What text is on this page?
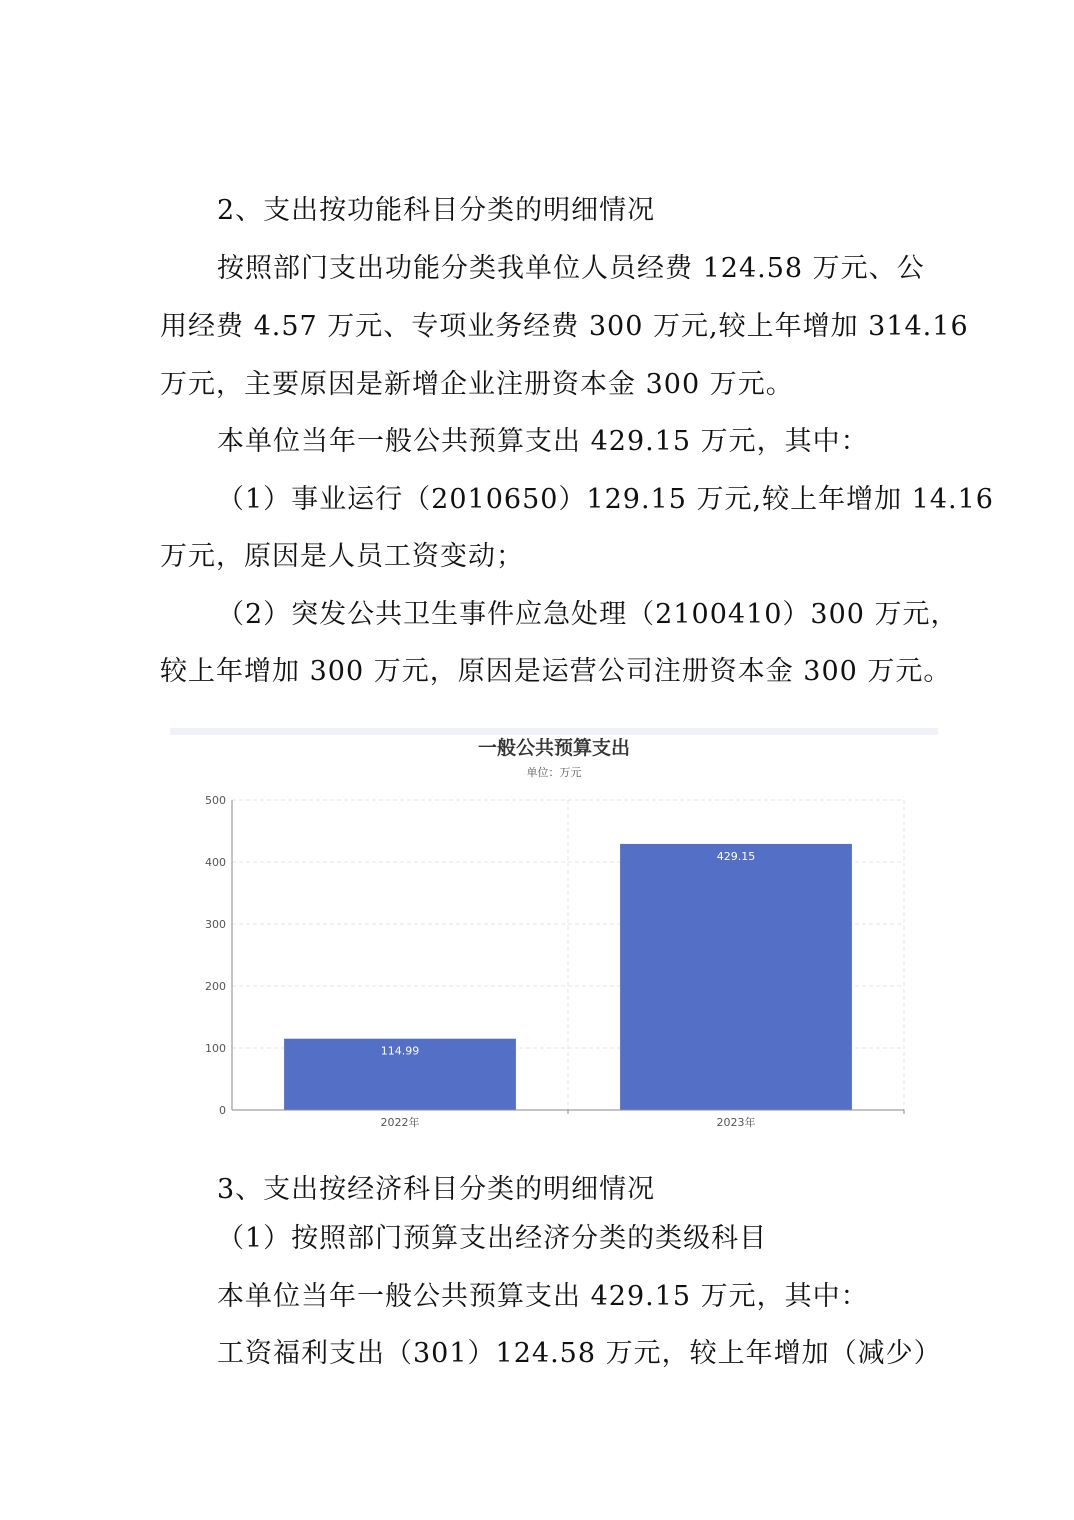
2、支出按功能科目分类的明细情况
按照部门支出功能分类我单位人员经费 124.58 万元、公
用经费 4.57 万元、专项业务经费 300 万元,较上年增加 314.16
万元，主要原因是新增企业注册资本金 300 万元。
本单位当年一般公共预算支出 429.15 万元，其中：
（1）事业运行（2010650）129.15 万元,较上年增加 14.16
万元，原因是人员工资变动；
（2）突发公共卫生事件应急处理（2100410）300 万元，
较上年增加 300 万元，原因是运营公司注册资本金 300 万元。
一般公共预算支出
单位：万元
114.99
429.15
0
100
200
300
400
500
2022年	2023年
3、支出按经济科目分类的明细情况
（1）按照部门预算支出经济分类的类级科目
本单位当年一般公共预算支出 429.15 万元，其中：
工资福利支出（301）124.58 万元，较上年增加（减少）
